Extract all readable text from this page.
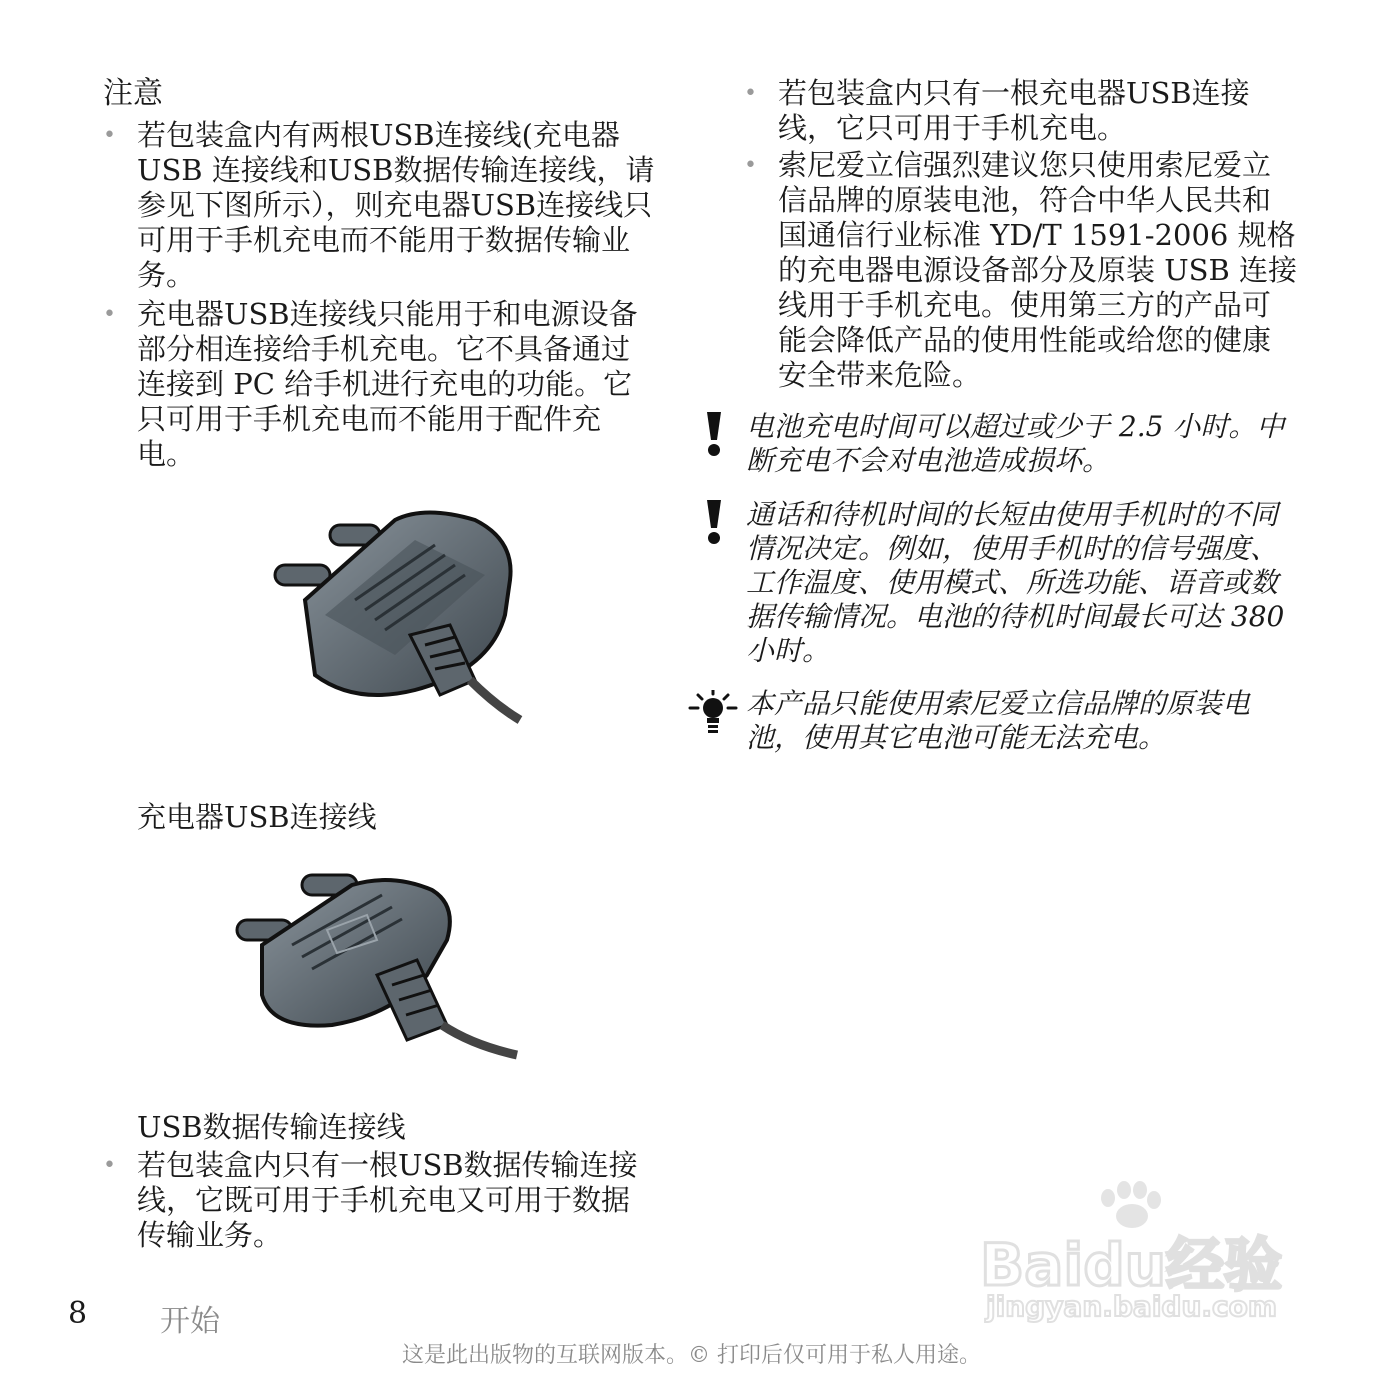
注意
• 若包装盒内有两根USB连接线(充电器USB 连接线和USB数据传输连接线，请参见下图所示），则充电器USB连接线只可用于手机充电而不能用于数据传输业务。
• 充电器USB连接线只能用于和电源设备部分相连接给手机充电。它不具备通过连接到 PC 给手机进行充电的功能。它只可用于手机充电而不能用于配件充电。
充电器USB连接线
USB数据传输连接线
• 若包装盒内只有一根USB数据传输连接线，它既可用于手机充电又可用于数据传输业务。
• 若包装盒内只有一根充电器USB连接线，它只可用于手机充电。
• 索尼爱立信强烈建议您只使用索尼爱立信品牌的原装电池，符合中华人民共和国通信行业标准 YD/T 1591-2006 规格的充电器电源设备部分及原装 USB 连接线用于手机充电。使用第三方的产品可能会降低产品的使用性能或给您的健康安全带来危险。
电池充电时间可以超过或少于 2.5 小时。中断充电不会对电池造成损坏。
通话和待机时间的长短由使用手机时的不同情况决定。例如，使用手机时的信号强度、工作温度、使用模式、所选功能、语音或数据传输情况。电池的待机时间最长可达 380 小时。
本产品只能使用索尼爱立信品牌的原装电池，使用其它电池可能无法充电。
Baidu经验
jingyan.baidu.com
8 开始
这是此出版物的互联网版本。© 打印后仅可用于私人用途。
